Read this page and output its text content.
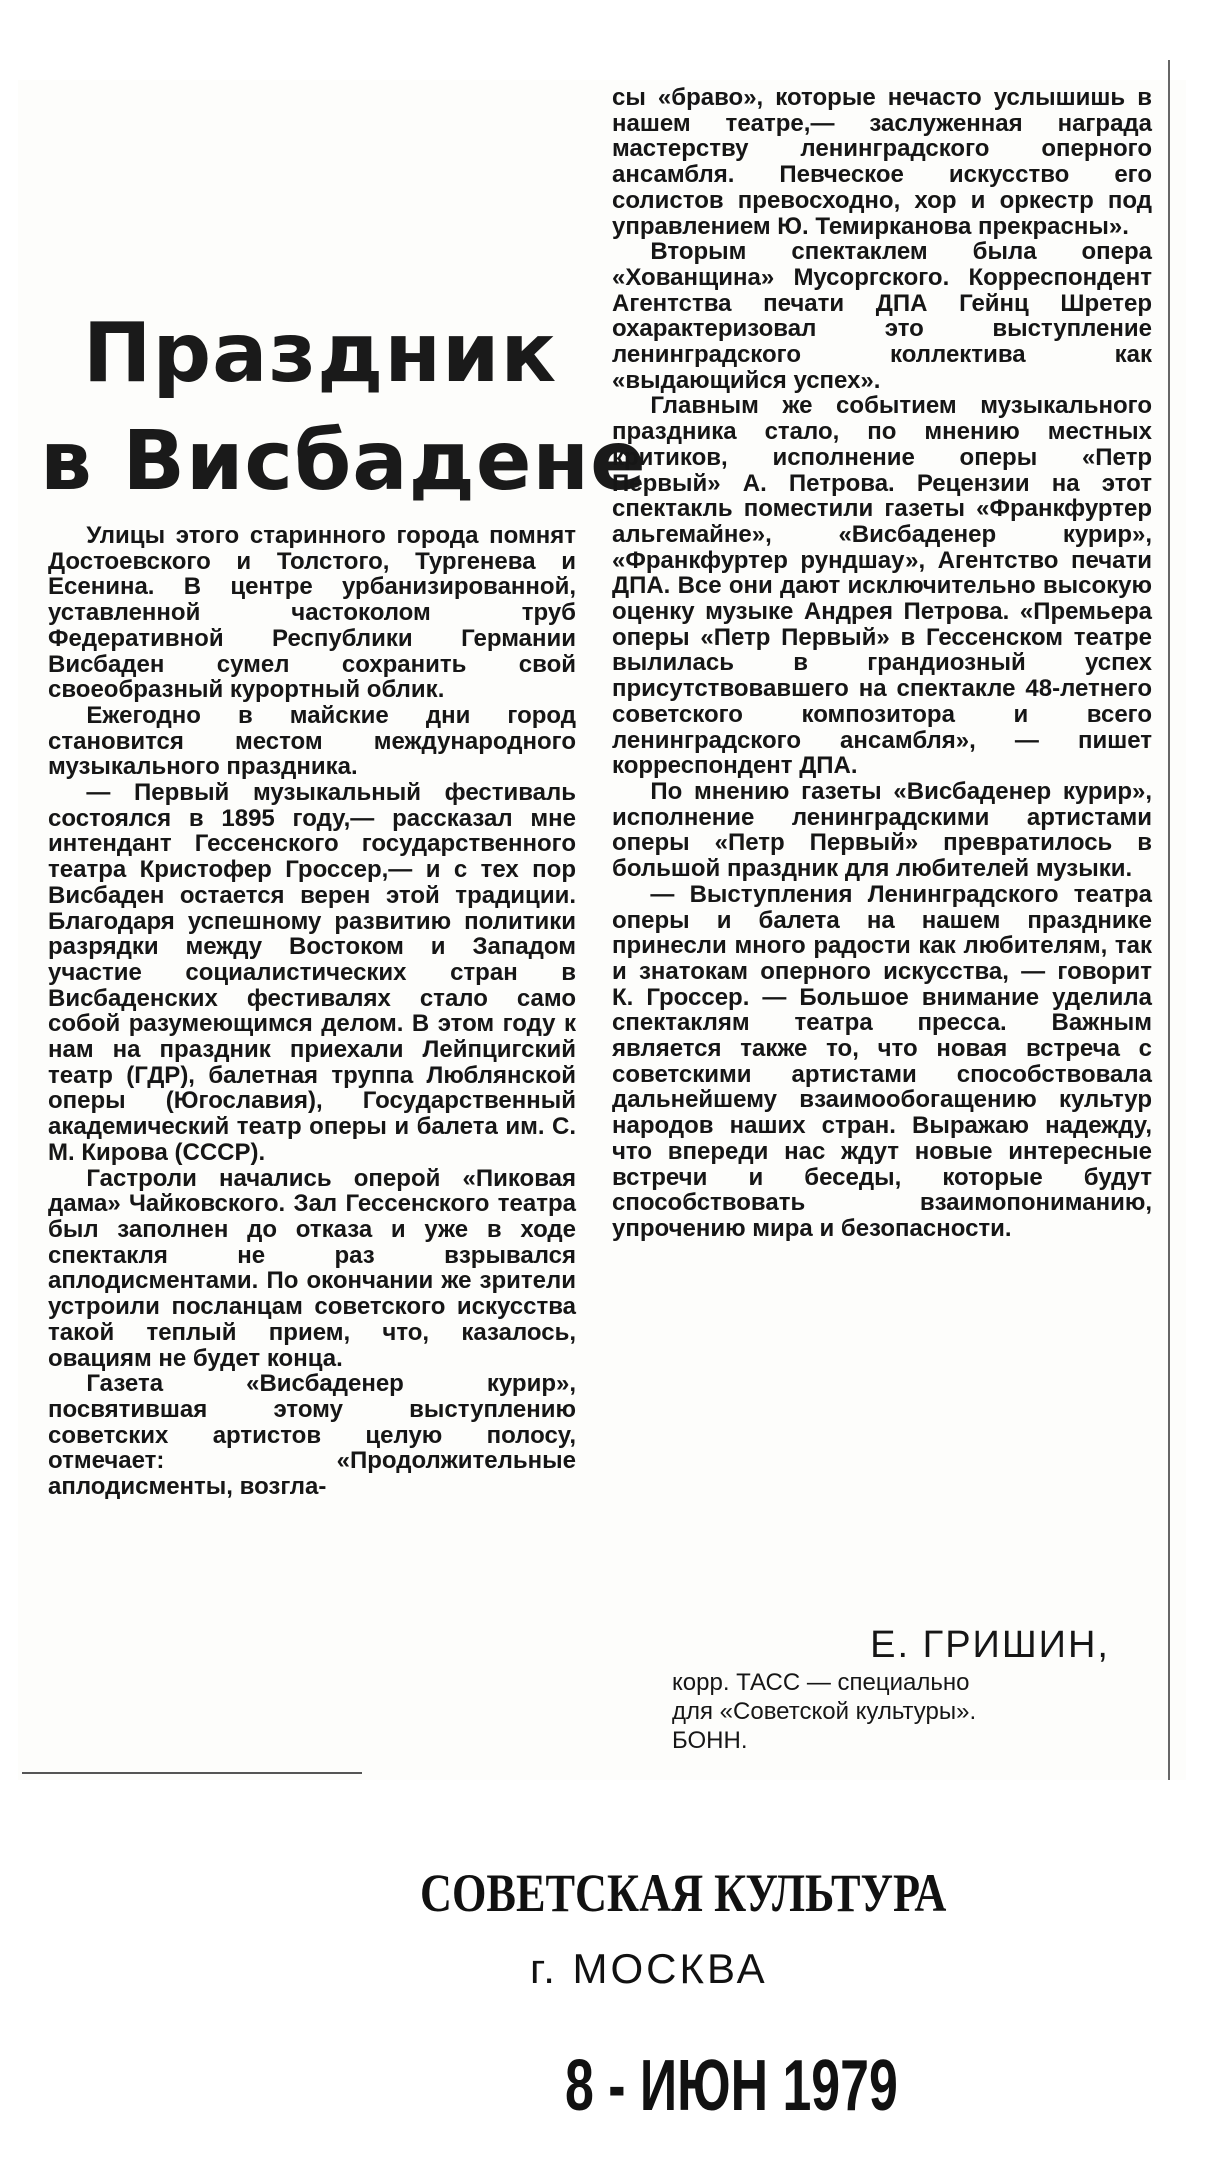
Праздник
в Висбадене

Улицы этого старинного города помнят Достоевского и Толстого, Тургенева и Есенина. В центре урбанизированной, уставленной частоколом труб Федеративной Республики Германии Висбаден сумел сохранить свой своеобразный курортный облик.

Ежегодно в майские дни город становится местом международного музыкального праздника.

— Первый музыкальный фестиваль состоялся в 1895 году,— рассказал мне интендант Гессенского государственного театра Кристофер Гроссер,— и с тех пор Висбаден остается верен этой традиции. Благодаря успешному развитию политики разрядки между Востоком и Западом участие социалистических стран в Висбаденских фестивалях стало само собой разумеющимся делом. В этом году к нам на праздник приехали Лейпцигский театр (ГДР), балетная труппа Люблянской оперы (Югославия), Государственный академический театр оперы и балета им. С. М. Кирова (СССР).

Гастроли начались оперой «Пиковая дама» Чайковского. Зал Гессенского театра был заполнен до отказа и уже в ходе спектакля не раз взрывался аплодисментами. По окончании же зрители устроили посланцам советского искусства такой теплый прием, что, казалось, овациям не будет конца.

Газета «Висбаденер курир», посвятившая этому выступлению советских артистов целую полосу, отмечает: «Продолжительные аплодисменты, возгла-

сы «браво», которые нечасто услышишь в нашем театре,— заслуженная награда мастерству ленинградского оперного ансамбля. Певческое искусство его солистов превосходно, хор и оркестр под управлением Ю. Темирканова прекрасны».

Вторым спектаклем была опера «Хованщина» Мусоргского. Корреспондент Агентства печати ДПА Гейнц Шретер охарактеризовал это выступление ленинградского коллектива как «выдающийся успех».

Главным же событием музыкального праздника стало, по мнению местных критиков, исполнение оперы «Петр Первый» А. Петрова. Рецензии на этот спектакль поместили газеты «Франкфуртер альгемайне», «Висбаденер курир», «Франкфуртер рундшау», Агентство печати ДПА. Все они дают исключительно высокую оценку музыке Андрея Петрова. «Премьера оперы «Петр Первый» в Гессенском театре вылилась в грандиозный успех присутствовавшего на спектакле 48-летнего советского композитора и всего ленинградского ансамбля», — пишет корреспондент ДПА.

По мнению газеты «Висбаденер курир», исполнение ленинградскими артистами оперы «Петр Первый» превратилось в большой праздник для любителей музыки.

— Выступления Ленинградского театра оперы и балета на нашем празднике принесли много радости как любителям, так и знатокам оперного искусства, — говорит К. Гроссер. — Большое внимание уделила спектаклям театра пресса. Важным является также то, что новая встреча с советскими артистами способствовала дальнейшему взаимообогащению культур народов наших стран. Выражаю надежду, что впереди нас ждут новые интересные встречи и беседы, которые будут способствовать взаимопониманию, упрочению мира и безопасности.

Е. ГРИШИН,
корр. ТАСС — специально
для «Советской культуры».
БОНН.
СОВЕТСКАЯ КУЛЬТУРА
г. МОСКВА
8 - ИЮН 1979
